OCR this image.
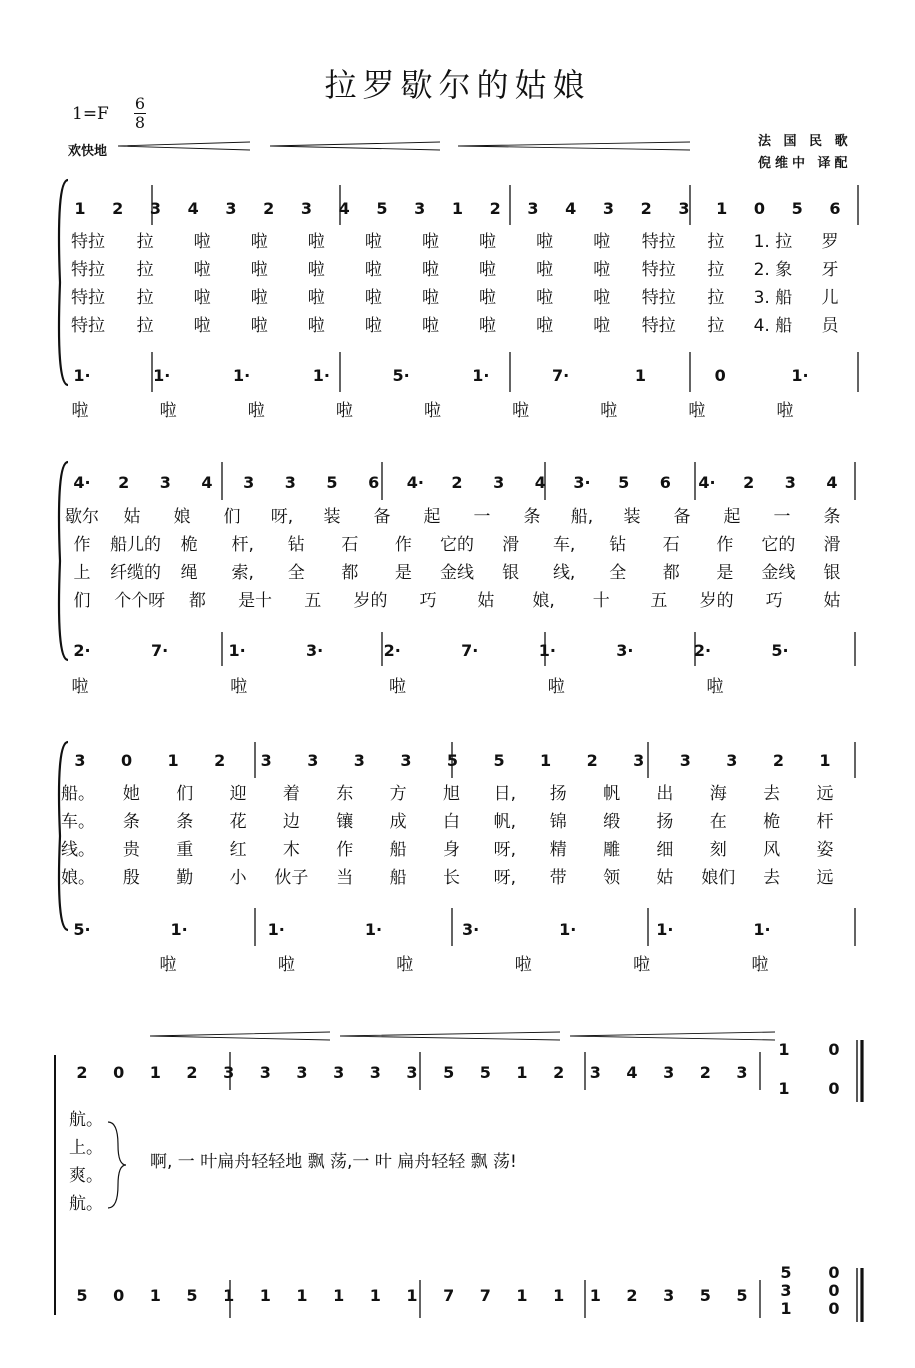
拉罗歇尔的姑娘
1=F
6
8
欢快地
法 国 民 歌
倪维中 译配
1 2 3 4 3 2 3 4 5 3 1 2 3 4 3 2 3 1 0 5 6
特拉 拉 啦 啦 啦 啦 啦 啦 啦 啦 特拉 拉 1. 拉 罗
特拉 拉 啦 啦 啦 啦 啦 啦 啦 啦 特拉 拉 2. 象 牙
特拉 拉 啦 啦 啦 啦 啦 啦 啦 啦 特拉 拉 3. 船 儿
特拉 拉 啦 啦 啦 啦 啦 啦 啦 啦 特拉 拉 4. 船 员
1·	1·	1·	1·	5·	1·	7·	1	0	1·
啦	啦	啦	啦	啦	啦	啦	啦	啦
4· 2 3 4 3 3 5 6 4· 2 3 4 3· 5 6 4· 2 3 4
歇尔 姑 娘 们 呀, 装 备 起 一 条 船, 装 备 起 一 条
作 船儿的 桅 杆, 钻 石 作 它的 滑 车, 钻 石 作 它的 滑
上 纤缆的 绳 索, 全 都 是 金线 银 线, 全 都 是 金线 银
们 个个呀 都 是十 五 岁的 巧 姑 娘, 十 五 岁的 巧 姑
2·	7·	1·	3·	2·	7·	1·	3·	2·	5·
啦	啦	啦	啦	啦
3 0 1 2 3 3 3 3 5 5 1 2 3 3 3 2 1
船。 她 们 迎 着 东 方 旭 日, 扬 帆 出 海 去 远
车。 条 条 花 边 镶 成 白 帆, 锦 缎 扬 在 桅 杆
线。 贵 重 红 木 作 船 身 呀, 精 雕 细 刻 风 姿
娘。 殷 勤 小 伙子 当 船 长 呀, 带 领 姑 娘们 去 远
5·	1·	1·	1·	3·	1·	1·	1·
啦	啦	啦	啦	啦	啦
2 0 1 2 3 3 3 3 3 3 5 5 1 2 3 4 3 2 3
1 0
1 0
航。
上。
爽。
航。
啊, 一 叶扁舟轻轻地 飘 荡,一 叶 扁舟轻轻 飘 荡!
5 0 1 5 1 1 1 1 1 1 7 7 1 1 1 2 3 5 5
5 0
3 0
1 0
